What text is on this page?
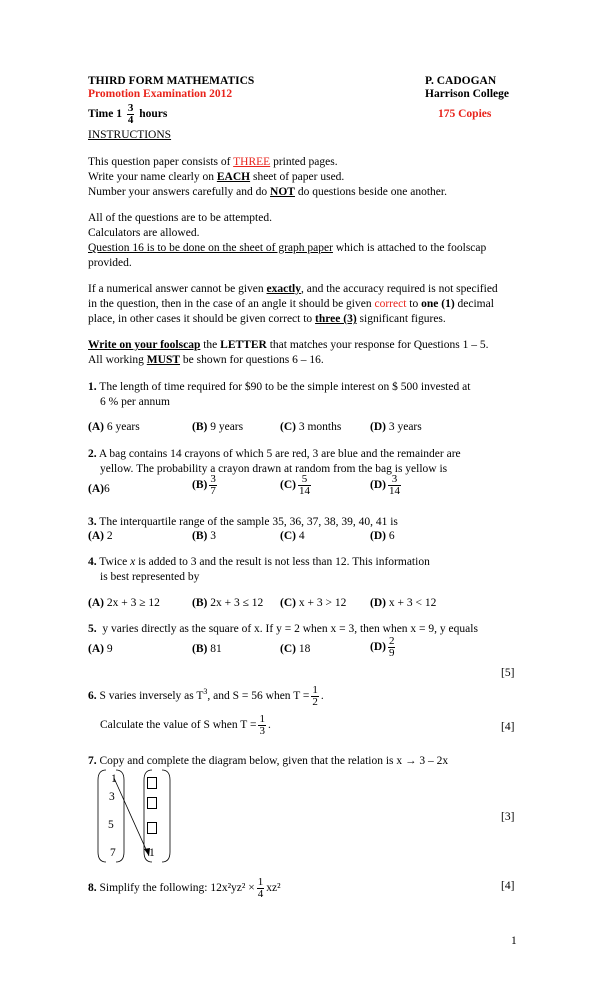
THIRD FORM MATHEMATICS
Promotion Examination 2012
P. CADOGAN
Harrison College
Time $1 \frac{3}{4}$ hours	175 Copies
INSTRUCTIONS
This question paper consists of THREE printed pages.
Write your name clearly on EACH sheet of paper used.
Number your answers carefully and do NOT do questions beside one another.
All of the questions are to be attempted.
Calculators are allowed.
Question 16 is to be done on the sheet of graph paper which is attached to the foolscap
provided.
If a numerical answer cannot be given exactly, and the accuracy required is not specified
in the question, then in the case of an angle it should be given correct to one (1) decimal
place, in other cases it should be given correct to three (3) significant figures.
Write on your foolscap the LETTER that matches your response for Questions 1 – 5.
All working MUST be shown for questions 6 – 16.
1. The length of time required for $90 to be the simple interest on $ 500 invested at
6 % per annum
(A) 6 years	(B) 9 years	(C) 3 months (D) 3 years
2. A bag contains 14 crayons of which 5 are red, 3 are blue and the remainder are
yellow. The probability a crayon drawn at random from the bag is yellow is
(A)6	$(B) \frac{3}{7}$	$(C) \frac{5}{14}$	$(D) \frac{3}{14}$
3. The interquartile range of the sample 35, 36, 37, 38, 39, 40, 41 is
(A) 2	(B) 3	(C) 4	(D) 6
4. Twice x is added to 3 and the result is not less than 12. This information
is best represented by
(A) 2x + 3 ≥ 12	(B) 2x + 3 ≤ 12 (C) x + 3 > 12 (D) x + 3 < 12
5. y varies directly as the square of x. If y = 2 when x = 3, then when x = 9, y equals
(A) 9	(B) 81	(C) 18	$(D) \frac{2}{9}$
[5]
6. S varies inversely as $T^3$, and S = 56 when $T = \frac{1}{2}$ .
Calculate the value of S when $T = \frac{1}{3}$ .	[4]
7. Copy and complete the diagram below, given that the relation is x → 3 – 2x
1
3
5
7	1
[3]
8. Simplify the following: $12x^2yz^2 \times \frac{1}{4} xz^2$	[4]
1
